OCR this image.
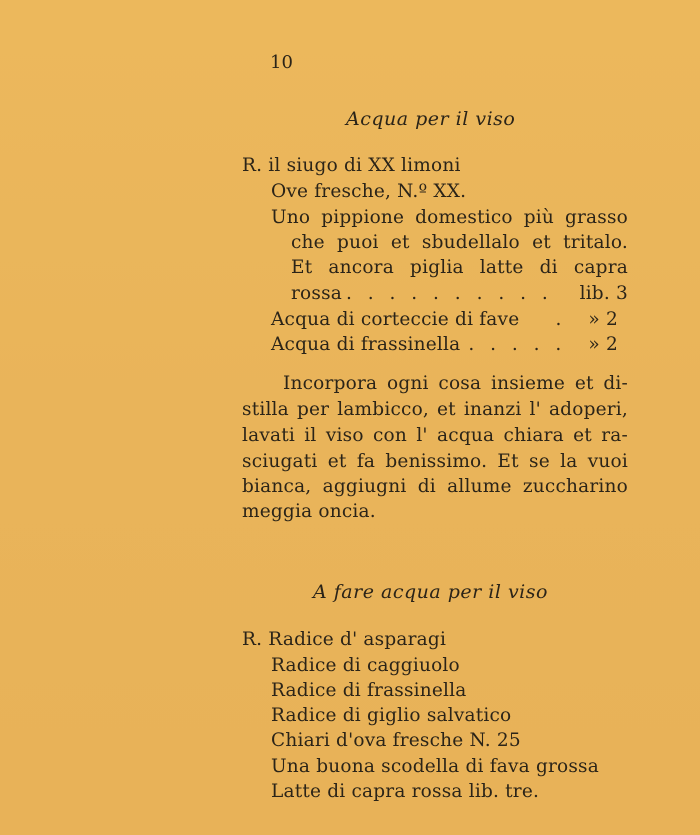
10
Acqua per il viso
R. il siugo di XX limoni
Ove fresche, N.º XX.
Uno pippione domestico più grasso
che puoi et sbudellalo et tritalo.
Et ancora piglia latte di capra
rossa . . . . . . . . . .	lib. 3
Acqua di corteccie di fave	.	» 2
Acqua di frassinella . . . . .	» 2
Incorpora ogni cosa insieme et di-
stilla per lambicco, et inanzi l' adoperi,
lavati il viso con l' acqua chiara et ra-
sciugati et fa benissimo. Et se la vuoi
bianca, aggiugni di allume zuccharino
meggia oncia.
A fare acqua per il viso
R. Radice d' asparagi
Radice di caggiuolo
Radice di frassinella
Radice di giglio salvatico
Chiari d'ova fresche N. 25
Una buona scodella di fava grossa
Latte di capra rossa lib. tre.
